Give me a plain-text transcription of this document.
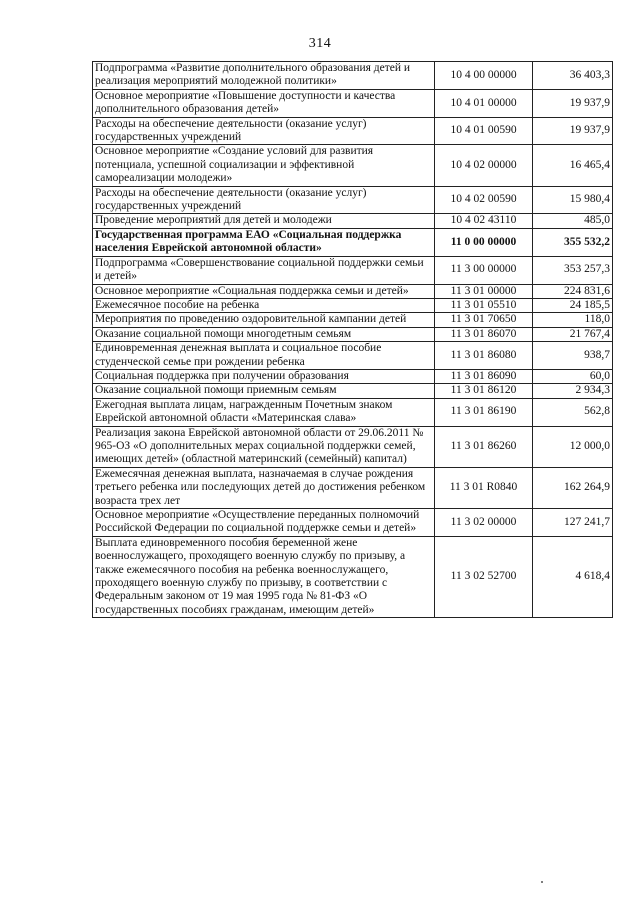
314
Подпрограмма «Развитие дополнительного образования детей и реализация мероприятий молодежной политики»	10 4 00 00000	36 403,3
Основное мероприятие «Повышение доступности и качества дополнительного образования детей»	10 4 01 00000	19 937,9
Расходы на обеспечение деятельности (оказание услуг) государственных учреждений	10 4 01 00590	19 937,9
Основное мероприятие «Создание условий для развития потенциала, успешной социализации и эффективной самореализации молодежи»	10 4 02 00000	16 465,4
Расходы на обеспечение деятельности (оказание услуг) государственных учреждений	10 4 02 00590	15 980,4
Проведение мероприятий для детей и молодежи	10 4 02 43110	485,0
Государственная программа ЕАО «Социальная поддержка населения Еврейской автономной области»	11 0 00 00000	355 532,2
Подпрограмма «Совершенствование социальной поддержки семьи и детей»	11 3 00 00000	353 257,3
Основное мероприятие «Социальная поддержка семьи и детей»	11 3 01 00000	224 831,6
Ежемесячное пособие на ребенка	11 3 01 05510	24 185,5
Мероприятия по проведению оздоровительной кампании детей	11 3 01 70650	118,0
Оказание социальной помощи многодетным семьям	11 3 01 86070	21 767,4
Единовременная денежная выплата и социальное пособие студенческой семье при рождении ребенка	11 3 01 86080	938,7
Социальная поддержка при получении образования	11 3 01 86090	60,0
Оказание социальной помощи приемным семьям	11 3 01 86120	2 934,3
Ежегодная выплата лицам, награжденным Почетным знаком Еврейской автономной области «Материнская слава»	11 3 01 86190	562,8
Реализация закона Еврейской автономной области от 29.06.2011 № 965-ОЗ «О дополнительных мерах социальной поддержки семей, имеющих детей» (областной материнский (семейный) капитал)	11 3 01 86260	12 000,0
Ежемесячная денежная выплата, назначаемая в случае рождения третьего ребенка или последующих детей до достижения ребенком возраста трех лет	11 3 01 R0840	162 264,9
Основное мероприятие «Осуществление переданных полномочий Российской Федерации по социальной поддержке семьи и детей»	11 3 02 00000	127 241,7
Выплата единовременного пособия беременной жене военнослужащего, проходящего военную службу по призыву, а также ежемесячного пособия на ребенка военнослужащего, проходящего военную службу по призыву, в соответствии с Федеральным законом от 19 мая 1995 года № 81-ФЗ «О государственных пособиях гражданам, имеющим детей»	11 3 02 52700	4 618,4
